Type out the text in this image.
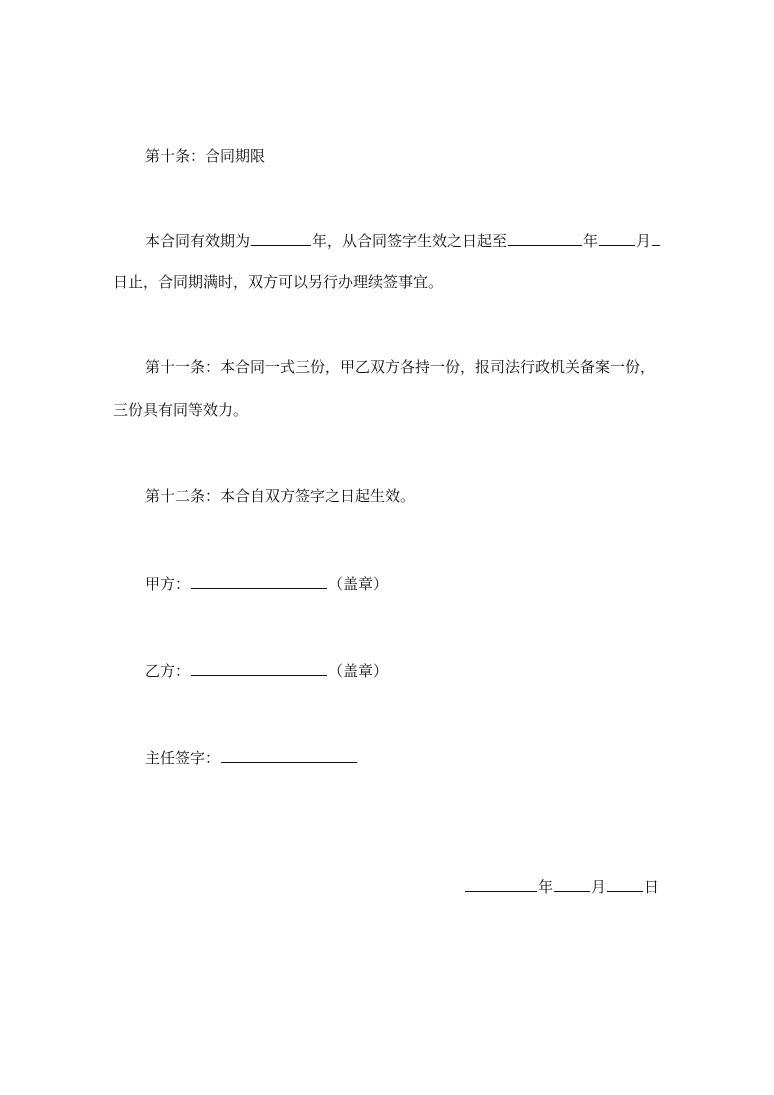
第十条：合同期限
本合同有效期为	年，从合同签字生效之日起至	年	月
日止，合同期满时，双方可以另行办理续签事宜。
第十一条：本合同一式三份，甲乙双方各持一份，报司法行政机关备案一份，
三份具有同等效力。
第十二条：本合自双方签字之日起生效。
甲方：	（盖章）
乙方：	（盖章）
主任签字：
年	月	日
